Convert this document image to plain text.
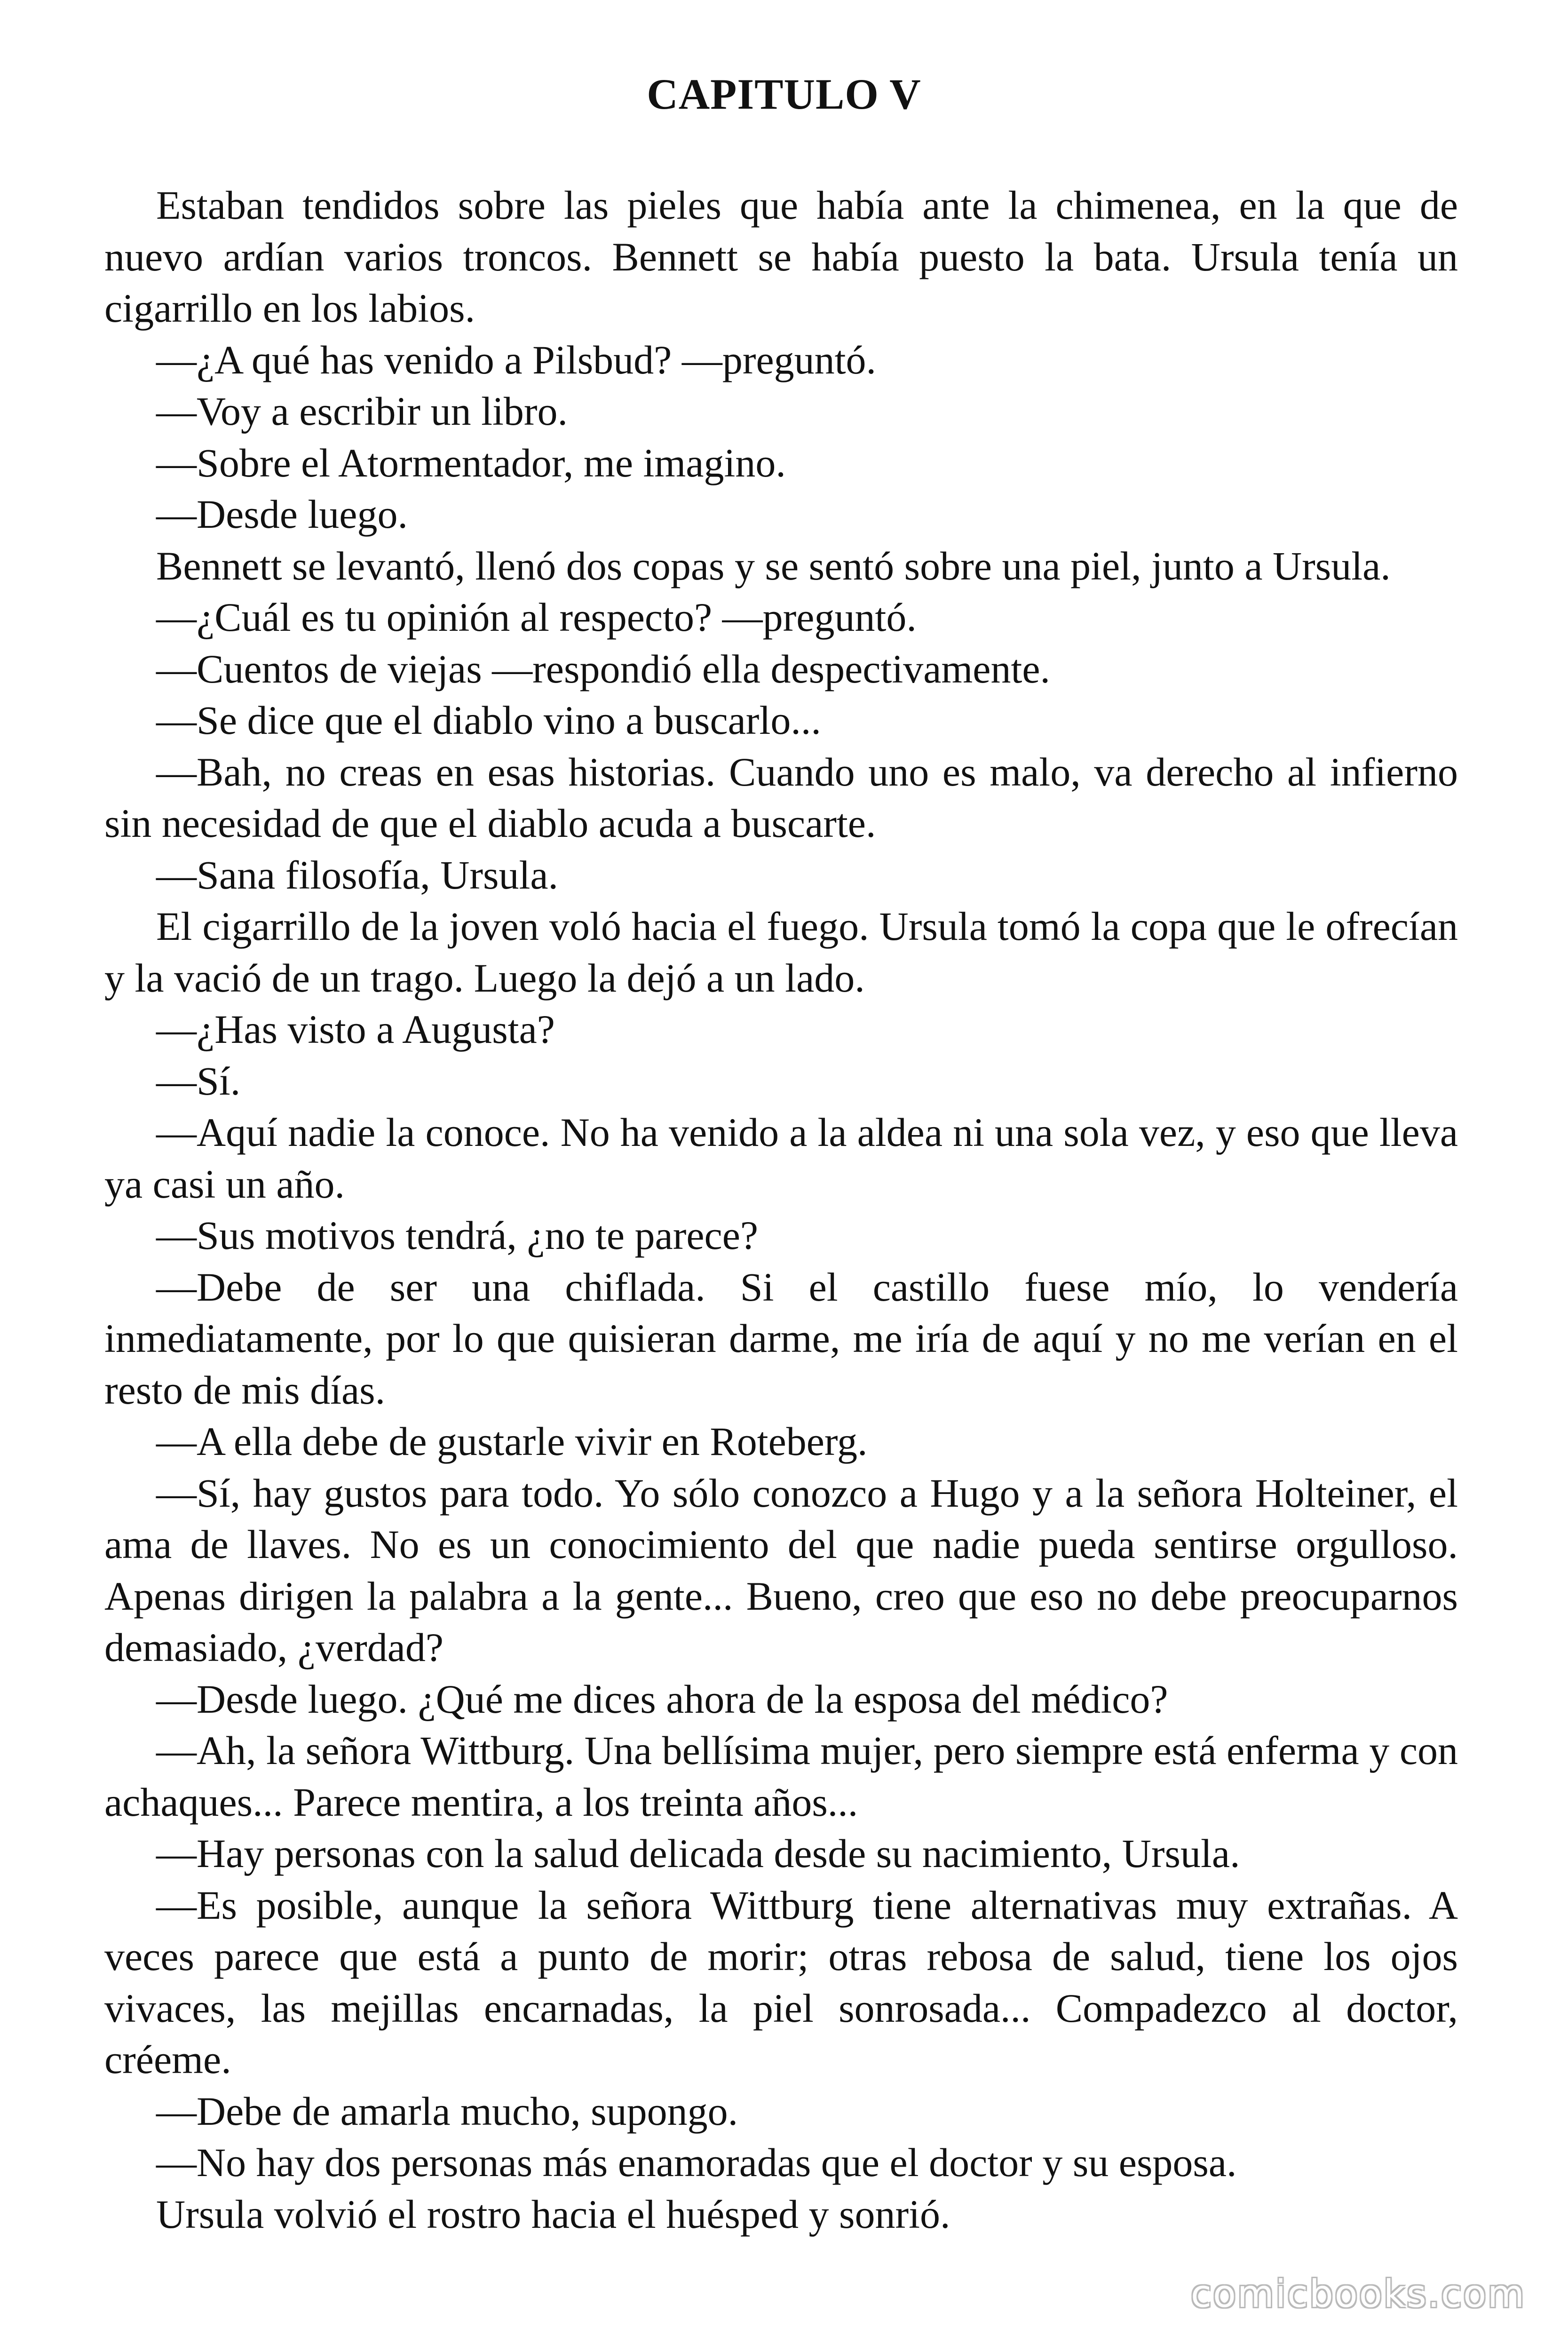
CAPITULO V

Estaban tendidos sobre las pieles que había ante la chimenea, en la que de nuevo ardían varios troncos. Bennett se había puesto la bata. Ursula tenía un cigarrillo en los labios.

—¿A qué has venido a Pilsbud? —preguntó.

—Voy a escribir un libro.

—Sobre el Atormentador, me imagino.

—Desde luego.

Bennett se levantó, llenó dos copas y se sentó sobre una piel, junto a Ursula.

—¿Cuál es tu opinión al respecto? —preguntó.

—Cuentos de viejas —respondió ella despectivamente.

—Se dice que el diablo vino a buscarlo...

—Bah, no creas en esas historias. Cuando uno es malo, va derecho al infierno sin necesidad de que el diablo acuda a buscarte.

—Sana filosofía, Ursula.

El cigarrillo de la joven voló hacia el fuego. Ursula tomó la copa que le ofrecían y la vació de un trago. Luego la dejó a un lado.

—¿Has visto a Augusta?

—Sí.

—Aquí nadie la conoce. No ha venido a la aldea ni una sola vez, y eso que lleva ya casi un año.

—Sus motivos tendrá, ¿no te parece?

—Debe de ser una chiflada. Si el castillo fuese mío, lo vendería inmediatamente, por lo que quisieran darme, me iría de aquí y no me verían en el resto de mis días.

—A ella debe de gustarle vivir en Roteberg.

—Sí, hay gustos para todo. Yo sólo conozco a Hugo y a la señora Holteiner, el ama de llaves. No es un conocimiento del que nadie pueda sentirse orgulloso. Apenas dirigen la palabra a la gente... Bueno, creo que eso no debe preocuparnos demasiado, ¿verdad?

—Desde luego. ¿Qué me dices ahora de la esposa del médico?

—Ah, la señora Wittburg. Una bellísima mujer, pero siempre está enferma y con achaques... Parece mentira, a los treinta años...

—Hay personas con la salud delicada desde su nacimiento, Ursula.

—Es posible, aunque la señora Wittburg tiene alternativas muy extrañas. A veces parece que está a punto de morir; otras rebosa de salud, tiene los ojos vivaces, las mejillas encarnadas, la piel sonrosada... Compadezco al doctor, créeme.

—Debe de amarla mucho, supongo.

—No hay dos personas más enamoradas que el doctor y su esposa.

Ursula volvió el rostro hacia el huésped y sonrió.

comicbooks.com
